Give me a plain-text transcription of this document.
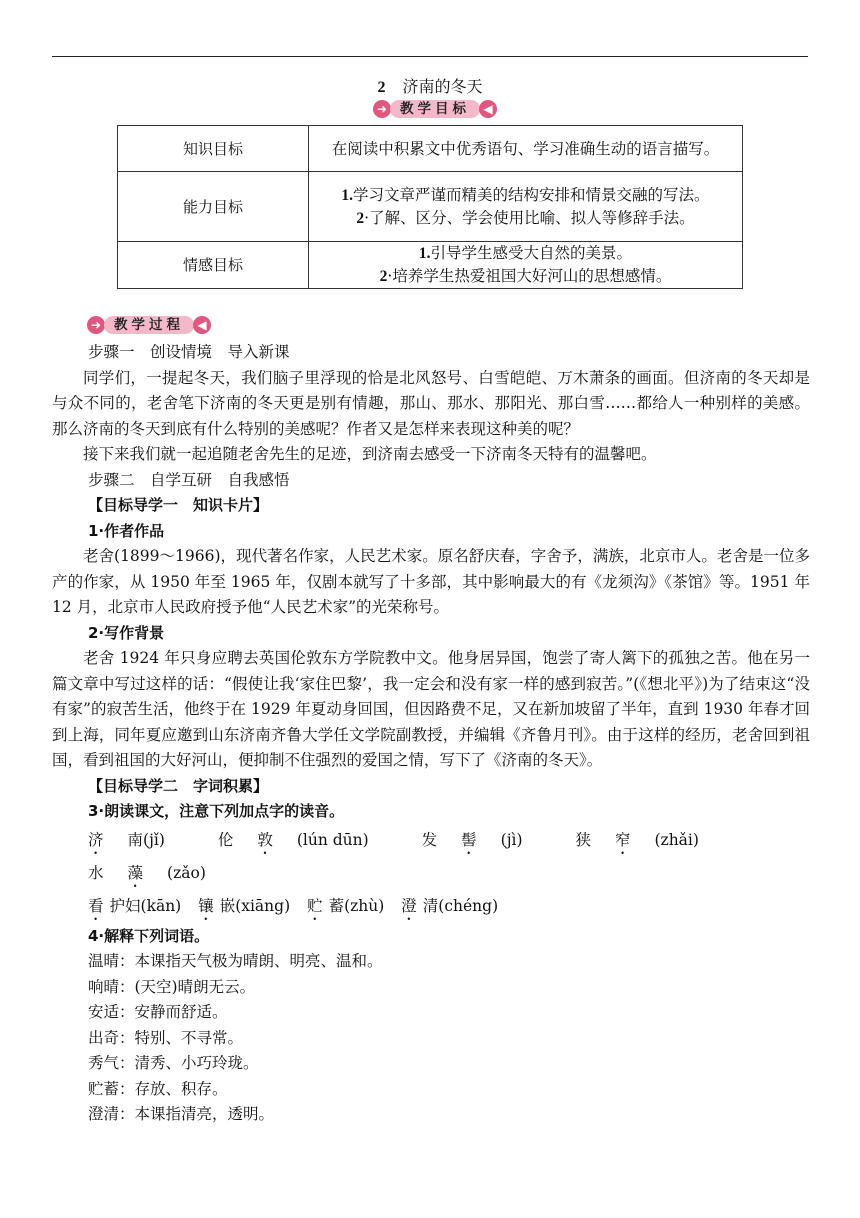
2 济南的冬天
➜ 教学目标	◀
知识目标	在阅读中积累文中优秀语句、学习准确生动的语言描写。
能力目标	1.学习文章严谨而精美的结构安排和情景交融的写法。
2·了解、区分、学会使用比喻、拟人等修辞手法。

情感目标	1.引导学生感受大自然的美景。
2·培养学生热爱祖国大好河山的思想感情。
➜ 教学过程	◀

步骤一　创设情境　导入新课

同学们，一提起冬天，我们脑子里浮现的恰是北风怒号、白雪皑皑、万木萧条的画面。但济南的冬天却是与众不同的，老舍笔下济南的冬天更是别有情趣，那山、那水、那阳光、那白雪……都给人一种别样的美感。那么济南的冬天到底有什么特别的美感呢？作者又是怎样来表现这种美的呢？

接下来我们就一起追随老舍先生的足迹，到济南去感受一下济南冬天特有的温馨吧。

步骤二　自学互研　自我感悟

【目标导学一　知识卡片】

1·作者作品

老舍(1899～1966)，现代著名作家，人民艺术家。原名舒庆春，字舍予，满族，北京市人。老舍是一位多产的作家，从 1950 年至 1965 年，仅剧本就写了十多部，其中影响最大的有《龙须沟》《茶馆》等。1951 年 12 月，北京市人民政府授予他“人民艺术家”的光荣称号。

2·写作背景

老舍 1924 年只身应聘去英国伦敦东方学院教中文。他身居异国，饱尝了寄人篱下的孤独之苦。他在另一篇文章中写过这样的话：“假使让我‘家住巴黎’，我一定会和没有家一样的感到寂苦。”(《想北平》)为了结束这“没有家”的寂苦生活，他终于在 1929 年夏动身回国，但因路费不足，又在新加坡留了半年，直到 1930 年春才回到上海，同年夏应邀到山东济南齐鲁大学任文学院副教授，并编辑《齐鲁月刊》。由于这样的经历，老舍回到祖国，看到祖国的大好河山，便抑制不住强烈的爱国之情，写下了《济南的冬天》。

【目标导学二　字词积累】

3·朗读课文，注意下列加点字的读音。

济 南(jǐ)	伦 敦 (lún dūn)	发 髻 (jì)	狭 窄 (zhǎi) 水 藻 (zǎo)

看 护妇(kān) 镶 嵌(xiāng) 贮 蓄(zhù) 澄 清(chéng)

4·解释下列词语。

温晴：本课指天气极为晴朗、明亮、温和。

响晴：(天空)晴朗无云。

安适：安静而舒适。

出奇：特别、不寻常。

秀气：清秀、小巧玲珑。

贮蓄：存放、积存。

澄清：本课指清亮，透明。
